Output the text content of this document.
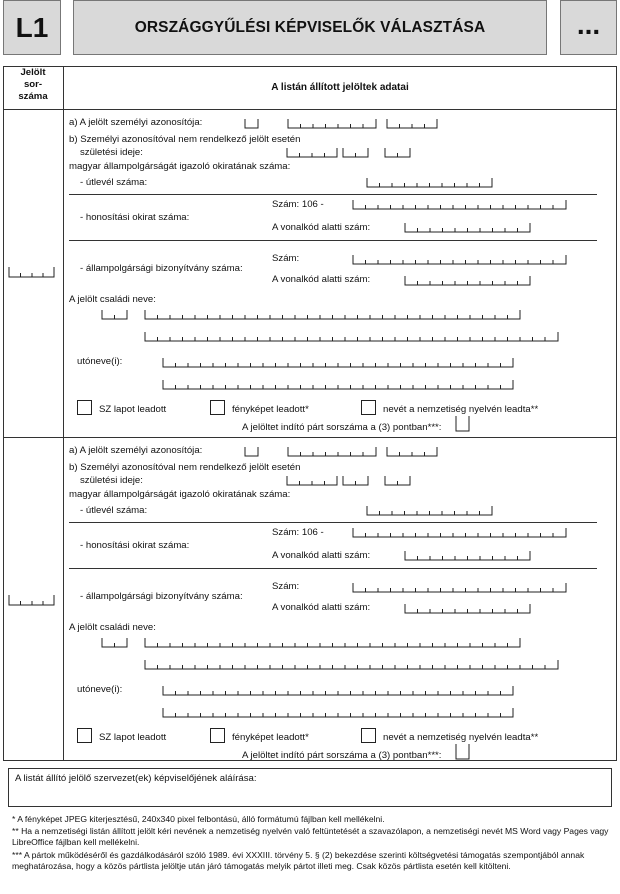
L1	ORSZÁGGYŰLÉSI KÉPVISELŐK VÁLASZTÁSA	...
Jelölt
sor-
száma
A listán állított jelöltek adatai
a) A jelölt személyi azonosítója:
b) Személyi azonosítóval nem rendelkező jelölt esetén
születési ideje:
magyar állampolgárságát igazoló okiratának száma:
- útlevél száma:
Szám: 106 -
- honosítási okirat száma:
A vonalkód alatti szám:
Szám:
- állampolgársági bizonyítvány száma:
A vonalkód alatti szám:
A jelölt családi neve:
utóneve(i):
SZ lapot leadott	fényképet leadott*	nevét a nemzetiség nyelvén leadta**
A jelöltet indító párt sorszáma a (3) pontban***:
a) A jelölt személyi azonosítója:
b) Személyi azonosítóval nem rendelkező jelölt esetén
születési ideje:
magyar állampolgárságát igazoló okiratának száma:
- útlevél száma:
Szám: 106 -
- honosítási okirat száma:
A vonalkód alatti szám:
Szám:
- állampolgársági bizonyítvány száma:
A vonalkód alatti szám:
A jelölt családi neve:
utóneve(i):
SZ lapot leadott	fényképet leadott*	nevét a nemzetiség nyelvén leadta**
A jelöltet indító párt sorszáma a (3) pontban***:
A listát állító jelölő szervezet(ek) képviselőjének aláírása:
* A fényképet JPEG kiterjesztésű, 240x340 pixel felbontású, álló formátumú fájlban kell mellékelni.
** Ha a nemzetiségi listán állított jelölt kéri nevének a nemzetiség nyelvén való feltüntetését a szavazólapon, a nemzetiségi nevét MS Word vagy Pages vagy LibreOffice fájlban kell mellékelni.
*** A pártok működéséről és gazdálkodásáról szóló 1989. évi XXXIII. törvény 5. § (2) bekezdése szerinti költségvetési támogatás szempontjából annak meghatározása, hogy a közös pártlista jelöltje után járó támogatás melyik pártot illeti meg. Csak közös pártlista esetén kell kitölteni.
